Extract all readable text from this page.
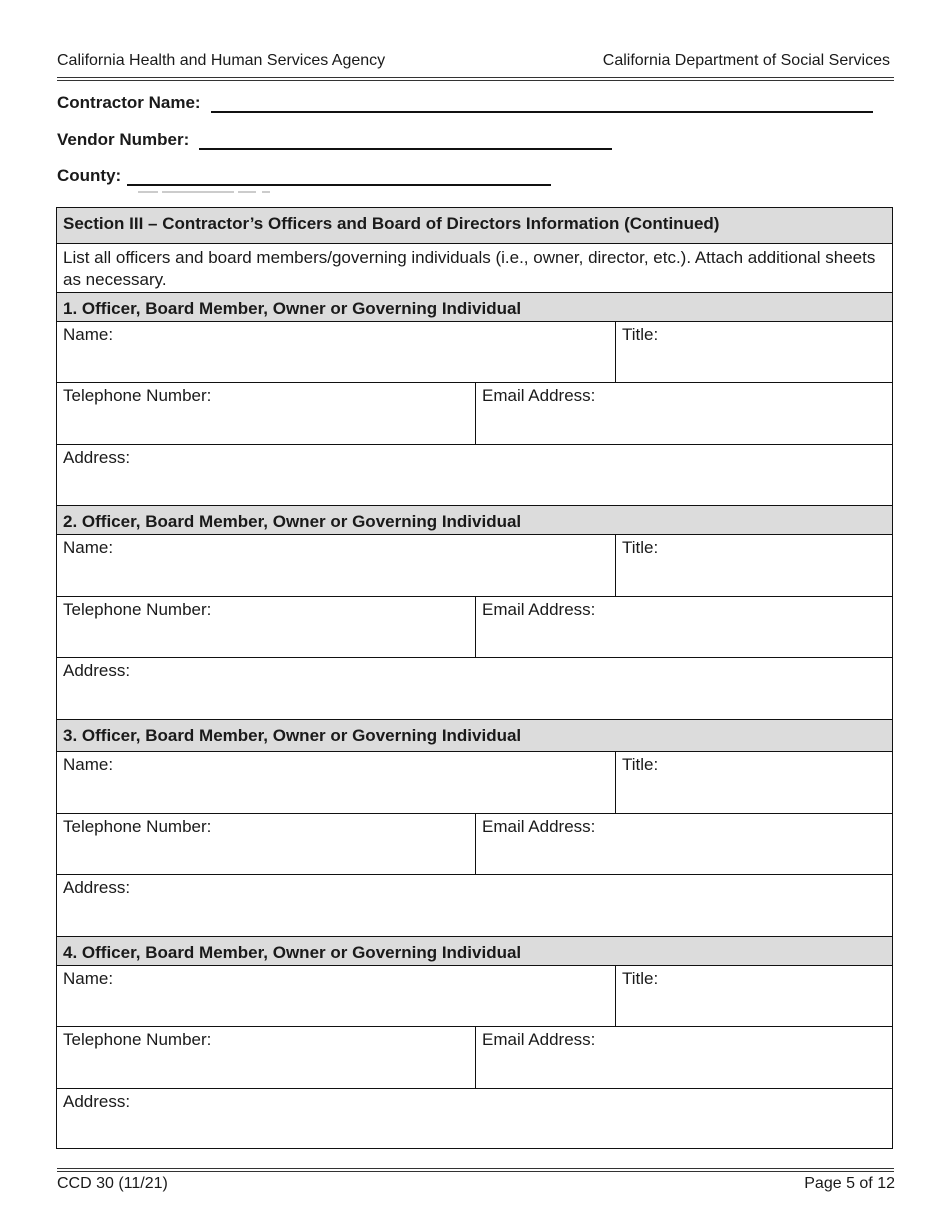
California Health and Human Services Agency	California Department of Social Services
Contractor Name:
Vendor Number:
County:
Section III – Contractor’s Officers and Board of Directors Information (Continued)
List all officers and board members/governing individuals (i.e., owner, director, etc.). Attach additional sheets as necessary.
1. Officer, Board Member, Owner or Governing Individual
Name:	Title:
Telephone Number:	Email Address:
Address:
2. Officer, Board Member, Owner or Governing Individual
Name:	Title:
Telephone Number:	Email Address:
Address:
3. Officer, Board Member, Owner or Governing Individual
Name:	Title:
Telephone Number:	Email Address:
Address:
4. Officer, Board Member, Owner or Governing Individual
Name:	Title:
Telephone Number:	Email Address:
Address:
CCD 30 (11/21)	Page 5 of 12
